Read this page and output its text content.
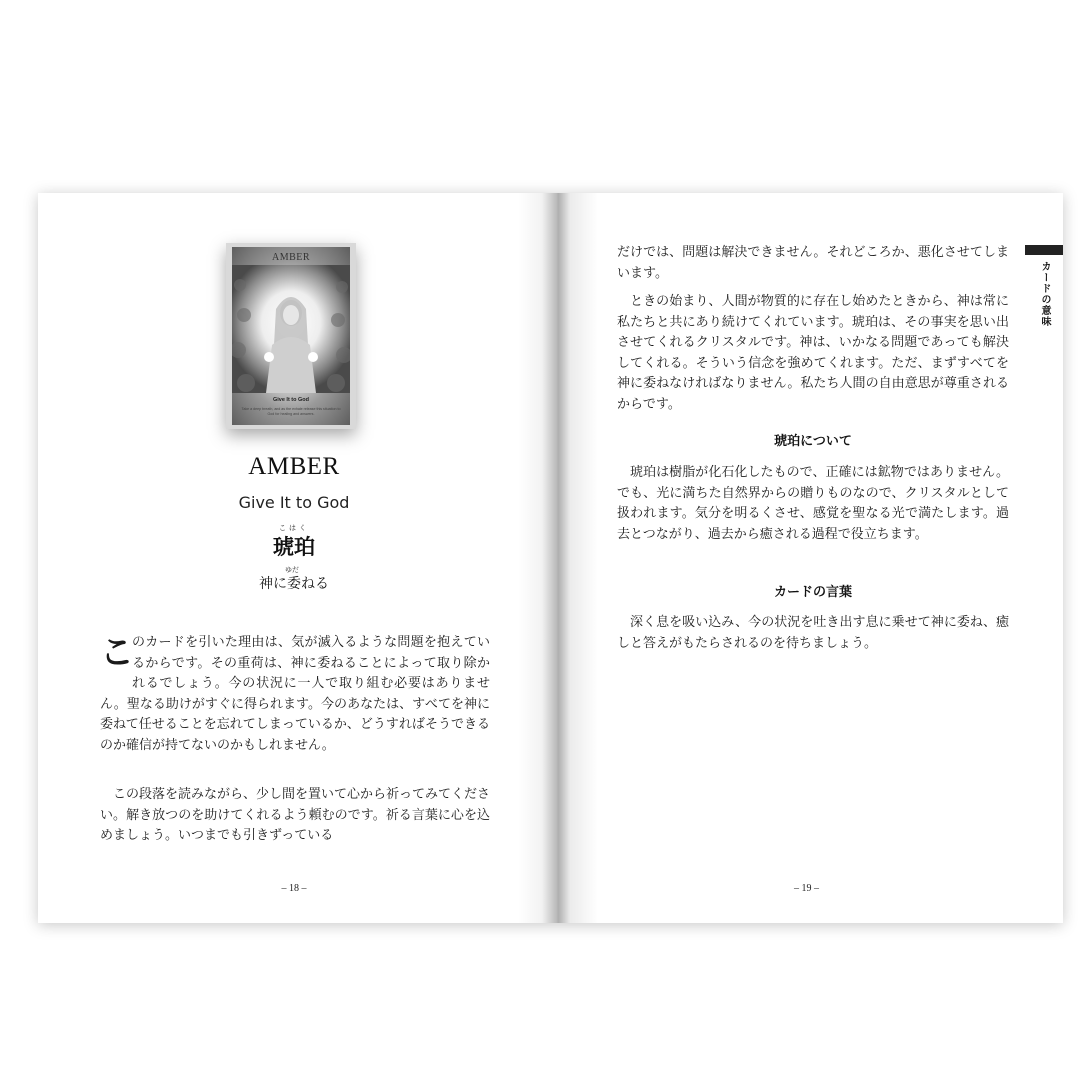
AMBER
Give It to God
Take a deep breath, and as the exhale release this situation to God for healing and answers.
AMBER
Give It to God
こはく
琥珀
ゆだ
神に委ねる
こ
のカードを引いた理由は、気が滅入るような問題を抱えているからです。その重荷は、神に委ねることによって取り除かれるでしょう。今の状況に一人で取り組む必要はありません。聖なる助けがすぐに得られます。今のあなたは、すべてを神に委ねて任せることを忘れてしまっているか、どうすればそうできるのか確信が持てないのかもしれません。

この段落を読みながら、少し間を置いて心から祈ってみてください。解き放つのを助けてくれるよう頼むのです。祈る言葉に心を込めましょう。いつまでも引きずっている

– 18 –
カードの意味

だけでは、問題は解決できません。それどころか、悪化させてしまいます。

ときの始まり、人間が物質的に存在し始めたときから、神は常に私たちと共にあり続けてくれています。琥珀は、その事実を思い出させてくれるクリスタルです。神は、いかなる問題であっても解決してくれる。そういう信念を強めてくれます。ただ、まずすべてを神に委ねなければなりません。私たち人間の自由意思が尊重されるからです。

琥珀について

琥珀は樹脂が化石化したもので、正確には鉱物ではありません。でも、光に満ちた自然界からの贈りものなので、クリスタルとして扱われます。気分を明るくさせ、感覚を聖なる光で満たします。過去とつながり、過去から癒される過程で役立ちます。

カードの言葉

深く息を吸い込み、今の状況を吐き出す息に乗せて神に委ね、癒しと答えがもたらされるのを待ちましょう。

– 19 –
